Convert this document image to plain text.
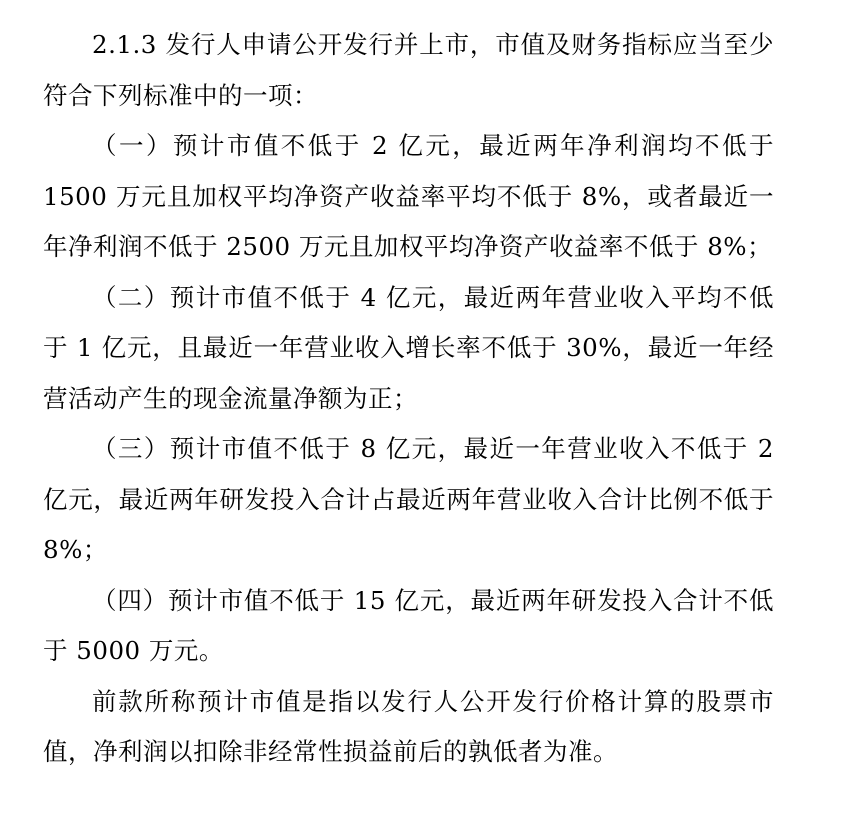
2.1.3 发行人申请公开发行并上市，市值及财务指标应当至少符合下列标准中的一项：

（一）预计市值不低于 2 亿元，最近两年净利润均不低于 1500 万元且加权平均净资产收益率平均不低于 8%，或者最近一年净利润不低于 2500 万元且加权平均净资产收益率不低于 8%；

（二）预计市值不低于 4 亿元，最近两年营业收入平均不低于 1 亿元，且最近一年营业收入增长率不低于 30%，最近一年经营活动产生的现金流量净额为正；

（三）预计市值不低于 8 亿元，最近一年营业收入不低于 2 亿元，最近两年研发投入合计占最近两年营业收入合计比例不低于 8%；

（四）预计市值不低于 15 亿元，最近两年研发投入合计不低于 5000 万元。

前款所称预计市值是指以发行人公开发行价格计算的股票市值，净利润以扣除非经常性损益前后的孰低者为准。
